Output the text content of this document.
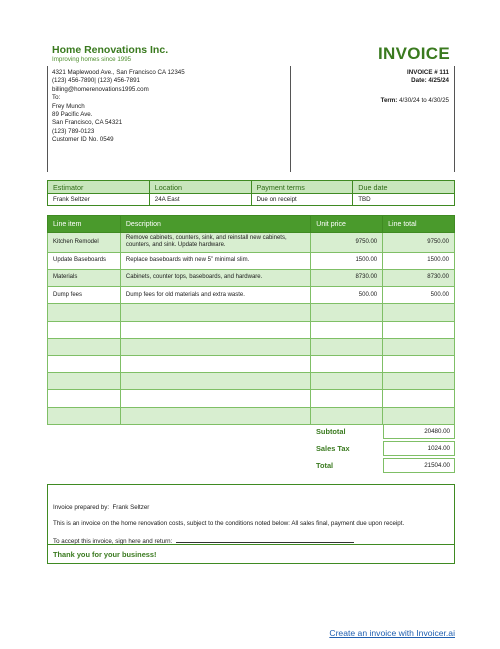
Home Renovations Inc.
Improving homes since 1995	INVOICE
4321 Maplewood Ave., San Francisco CA 12345
(123) 456-7890| (123) 456-7891
billing@homerenovations1995.com
To:
Frey Munch
89 Pacific Ave.
San Francisco, CA 54321
(123) 789-0123
Customer ID No. 0549
INVOICE # 111
Date: 4/25/24
Term: 4/30/24 to 4/30/25
Estimator	Location	Payment terms	Due date
Frank Seltzer	24A East	Due on receipt	TBD
Line item	Description	Unit price	Line total
Kitchen Remodel	Remove cabinets, counters, sink, and reinstall new cabinets, counters, and sink. Update hardware.	9750.00	9750.00
Update Baseboards	Replace baseboards with new 5” minimal slim.	1500.00	1500.00
Materials	Cabinets, counter tops, baseboards, and hardware.	8730.00	8730.00
Dump fees	Dump fees for old materials and extra waste.	500.00	500.00

Subtotal	20480.00
Sales Tax	1024.00
Total	21504.00
Invoice prepared by: Frank Seltzer
This is an invoice on the home renovation costs, subject to the conditions noted below: All sales final, payment due upon receipt.
To accept this invoice, sign here and return:
Thank you for your business!
Create an invoice with Invoicer.ai
